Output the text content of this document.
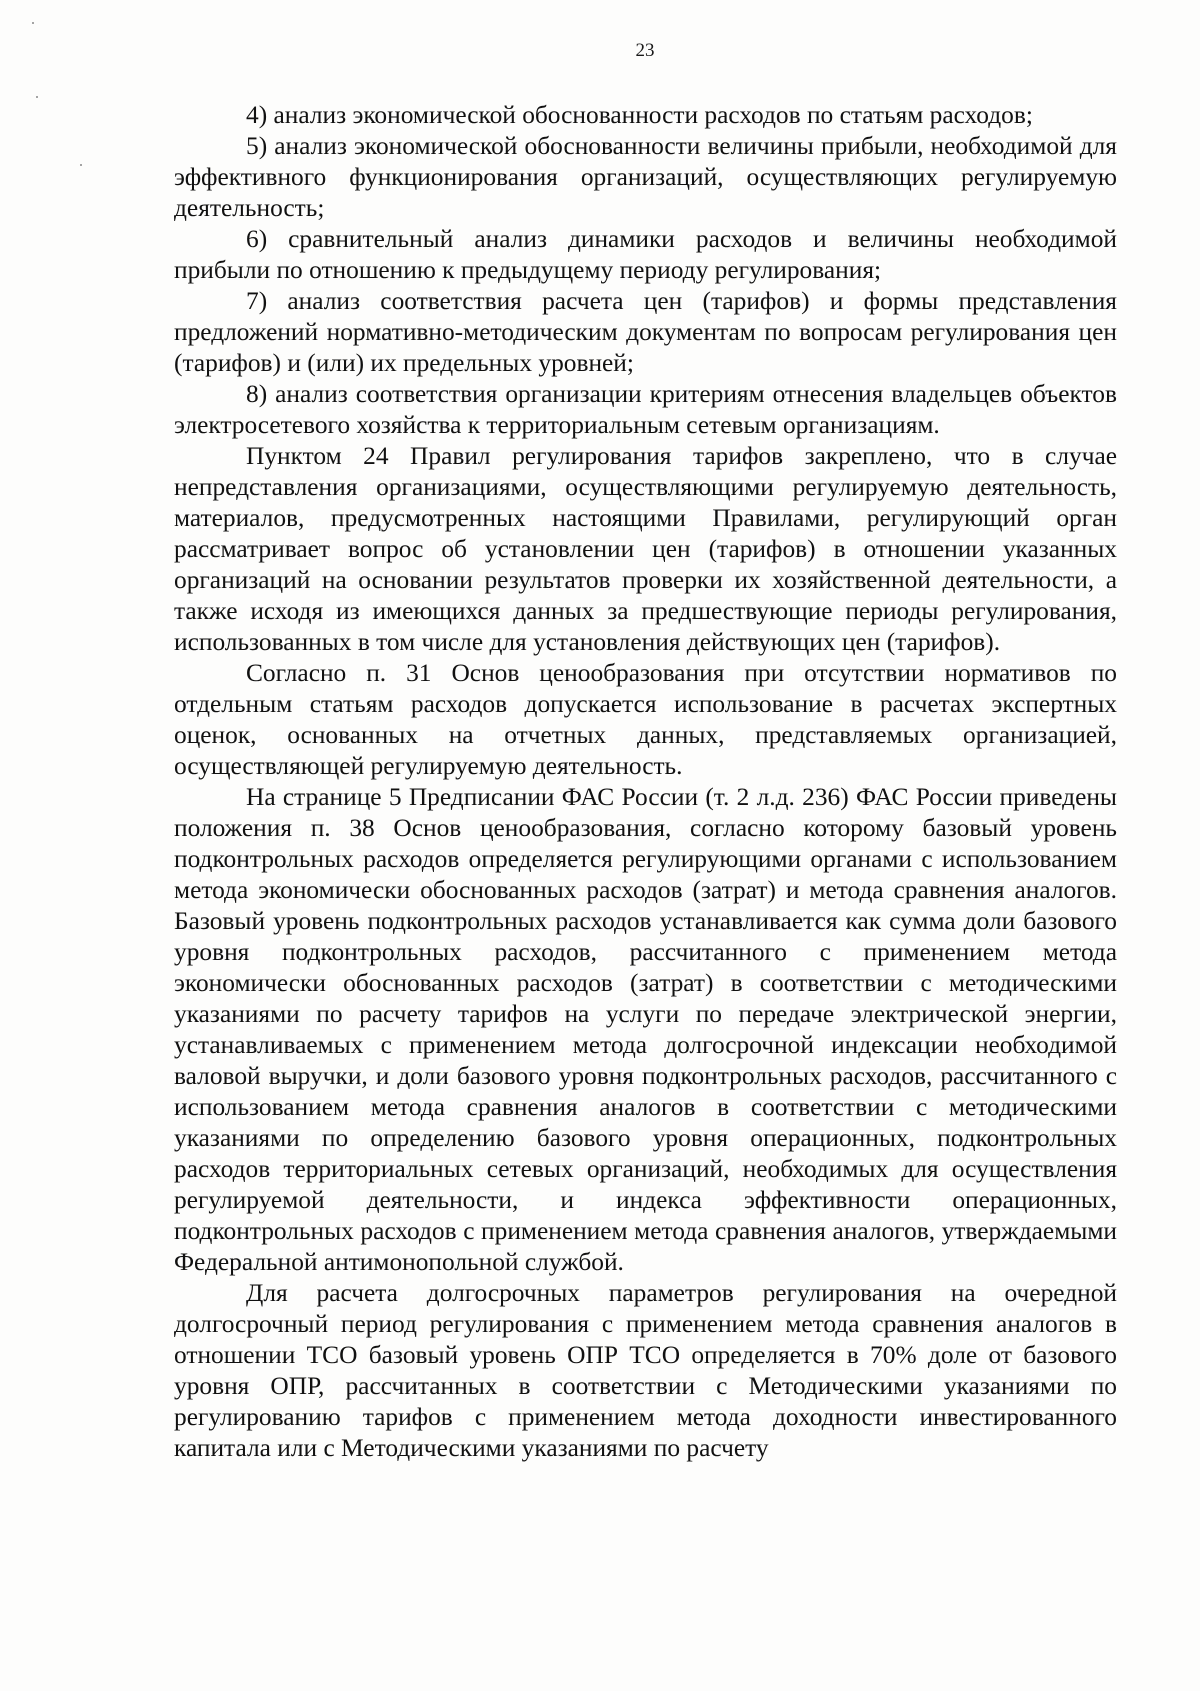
23

4) анализ экономической обоснованности расходов по статьям расходов;

5) анализ экономической обоснованности величины прибыли, необходимой для эффективного функционирования организаций, осуществляющих регулируемую деятельность;

6) сравнительный анализ динамики расходов и величины необходимой прибыли по отношению к предыдущему периоду регулирования;

7) анализ соответствия расчета цен (тарифов) и формы представления предложений нормативно-методическим документам по вопросам регулирования цен (тарифов) и (или) их предельных уровней;

8) анализ соответствия организации критериям отнесения владельцев объектов электросетевого хозяйства к территориальным сетевым организациям.

Пунктом 24 Правил регулирования тарифов закреплено, что в случае непредставления организациями, осуществляющими регулируемую деятельность, материалов, предусмотренных настоящими Правилами, регулирующий орган рассматривает вопрос об установлении цен (тарифов) в отношении указанных организаций на основании результатов проверки их хозяйственной деятельности, а также исходя из имеющихся данных за предшествующие периоды регулирования, использованных в том числе для установления действующих цен (тарифов).

Согласно п. 31 Основ ценообразования при отсутствии нормативов по отдельным статьям расходов допускается использование в расчетах экспертных оценок, основанных на отчетных данных, представляемых организацией, осуществляющей регулируемую деятельность.

На странице 5 Предписании ФАС России (т. 2 л.д. 236) ФАС России приведены положения п. 38 Основ ценообразования, согласно которому базовый уровень подконтрольных расходов определяется регулирующими органами с использованием метода экономически обоснованных расходов (затрат) и метода сравнения аналогов. Базовый уровень подконтрольных расходов устанавливается как сумма доли базового уровня подконтрольных расходов, рассчитанного с применением метода экономически обоснованных расходов (затрат) в соответствии с методическими указаниями по расчету тарифов на услуги по передаче электрической энергии, устанавливаемых с применением метода долгосрочной индексации необходимой валовой выручки, и доли базового уровня подконтрольных расходов, рассчитанного с использованием метода сравнения аналогов в соответствии с методическими указаниями по определению базового уровня операционных, подконтрольных расходов территориальных сетевых организаций, необходимых для осуществления регулируемой деятельности, и индекса эффективности операционных, подконтрольных расходов с применением метода сравнения аналогов, утверждаемыми Федеральной антимонопольной службой.

Для расчета долгосрочных параметров регулирования на очередной долгосрочный период регулирования с применением метода сравнения аналогов в отношении ТСО базовый уровень ОПР ТСО определяется в 70% доле от базового уровня ОПР, рассчитанных в соответствии с Методическими указаниями по регулированию тарифов с применением метода доходности инвестированного капитала или с Методическими указаниями по расчету
